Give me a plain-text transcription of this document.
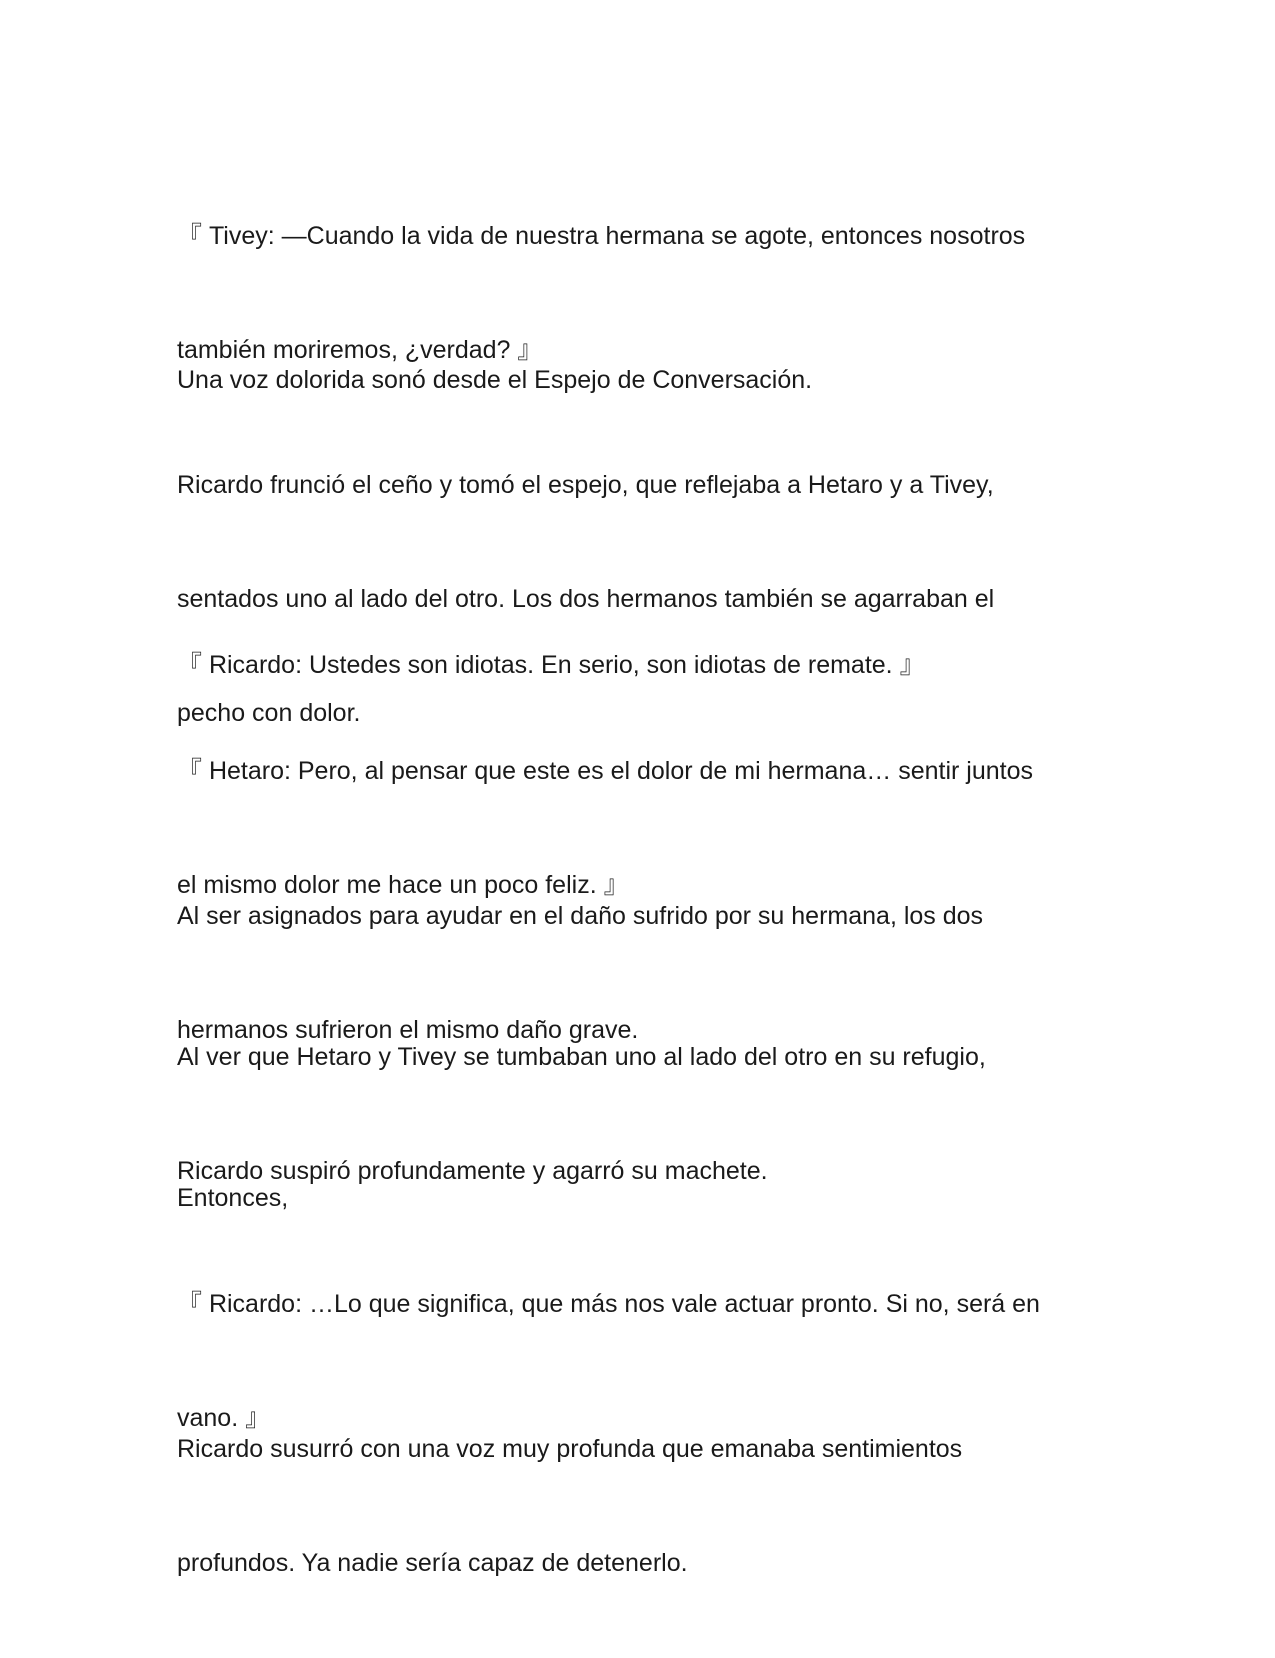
『 Tivey: —Cuando la vida de nuestra hermana se agote, entonces nosotros

también moriremos, ¿verdad? 』

Una voz dolorida sonó desde el Espejo de Conversación.

Ricardo frunció el ceño y tomó el espejo, que reflejaba a Hetaro y a Tivey,

sentados uno al lado del otro. Los dos hermanos también se agarraban el

pecho con dolor.

『 Ricardo: Ustedes son idiotas. En serio, son idiotas de remate. 』

『 Hetaro: Pero, al pensar que este es el dolor de mi hermana… sentir juntos

el mismo dolor me hace un poco feliz. 』

Al ser asignados para ayudar en el daño sufrido por su hermana, los dos

hermanos sufrieron el mismo daño grave.

Al ver que Hetaro y Tivey se tumbaban uno al lado del otro en su refugio,

Ricardo suspiró profundamente y agarró su machete.

Entonces,

『 Ricardo: …Lo que significa, que más nos vale actuar pronto. Si no, será en

vano. 』

Ricardo susurró con una voz muy profunda que emanaba sentimientos

profundos. Ya nadie sería capaz de detenerlo.
